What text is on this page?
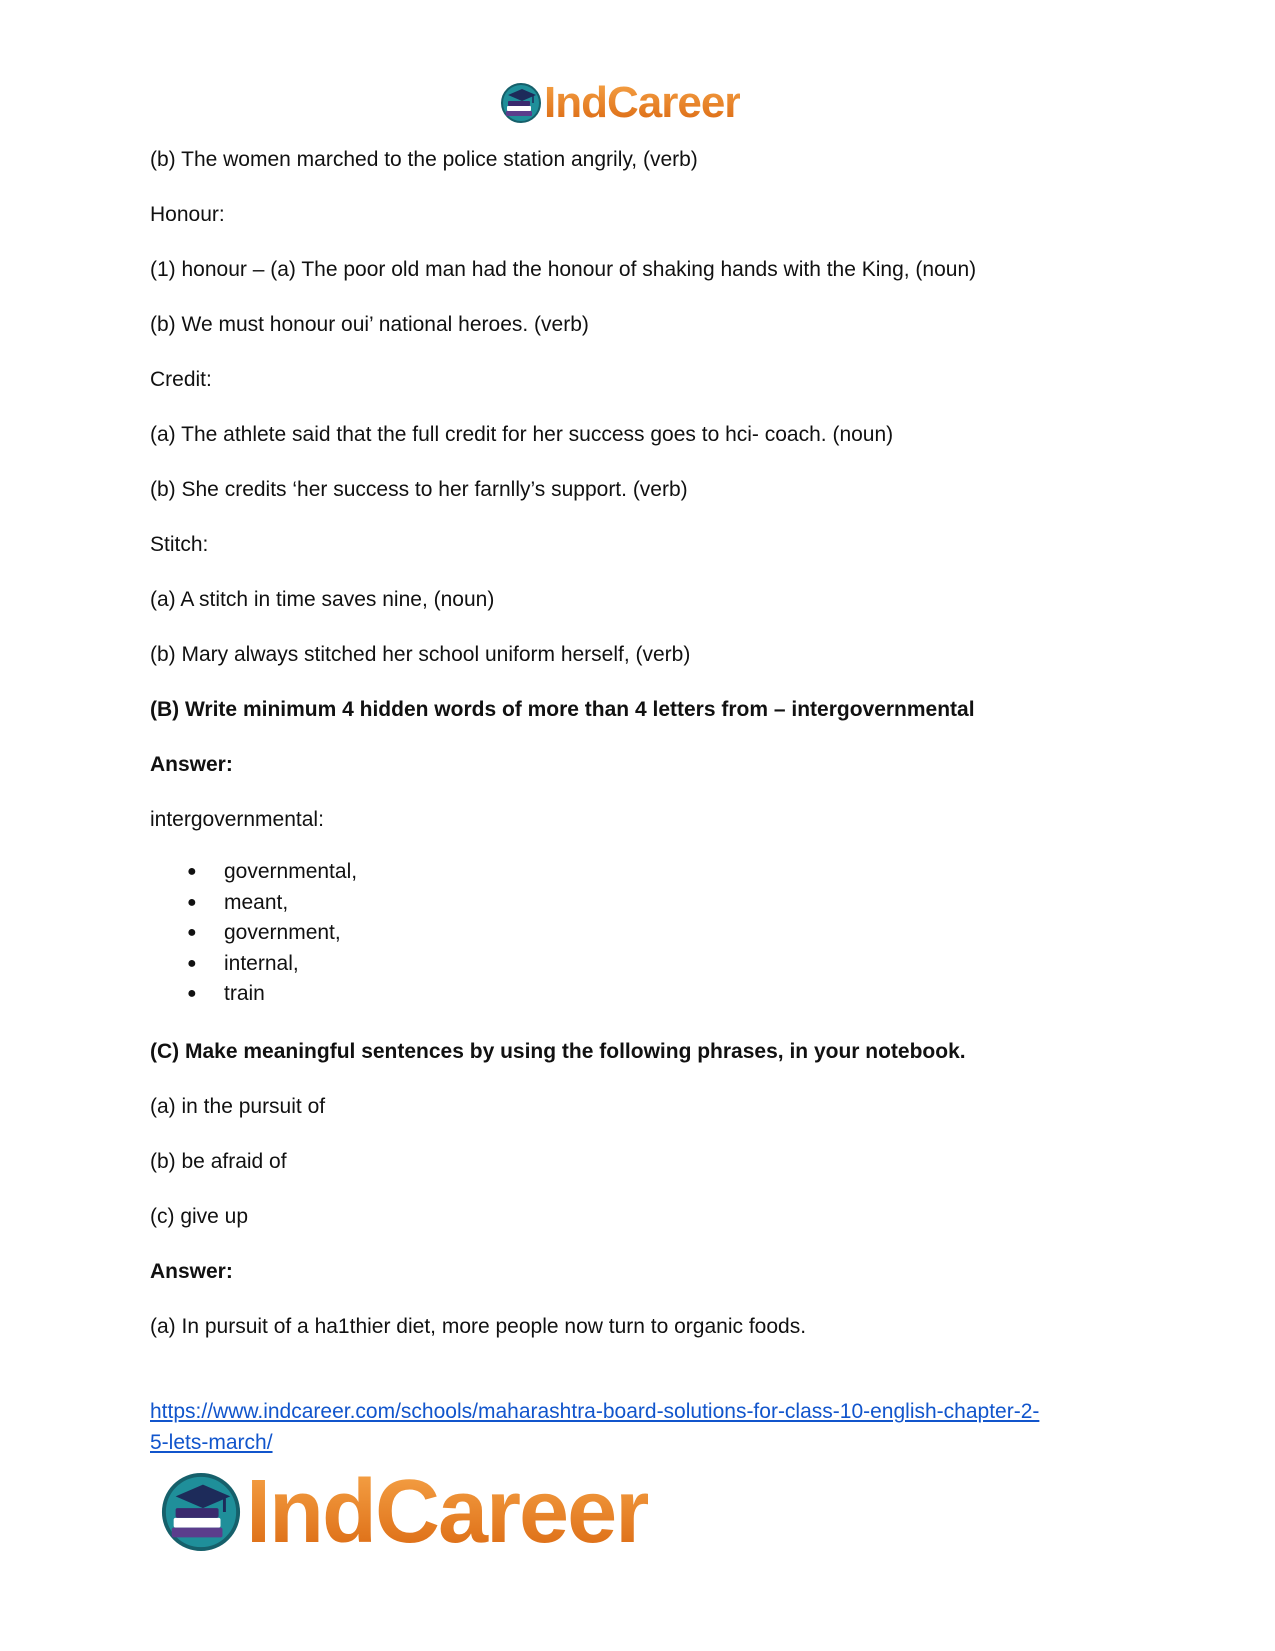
IndCareer

(b) The women marched to the police station angrily, (verb)

Honour:

(1) honour – (a) The poor old man had the honour of shaking hands with the King, (noun)

(b) We must honour oui’ national heroes. (verb)

Credit:

(a) The athlete said that the full credit for her success goes to hci- coach. (noun)

(b) She credits ‘her success to her farnlly’s support. (verb)

Stitch:

(a) A stitch in time saves nine, (noun)

(b) Mary always stitched her school uniform herself, (verb)

(B) Write minimum 4 hidden words of more than 4 letters from – intergovernmental

Answer:

intergovernmental:

● governmental,
● meant,
● government,
● internal,
● train

(C) Make meaningful sentences by using the following phrases, in your notebook.

(a) in the pursuit of

(b) be afraid of

(c) give up

Answer:

(a) In pursuit of a ha1thier diet, more people now turn to organic foods.

https://www.indcareer.com/schools/maharashtra-board-solutions-for-class-10-english-chapter-2-
5-lets-march/
IndCareer
